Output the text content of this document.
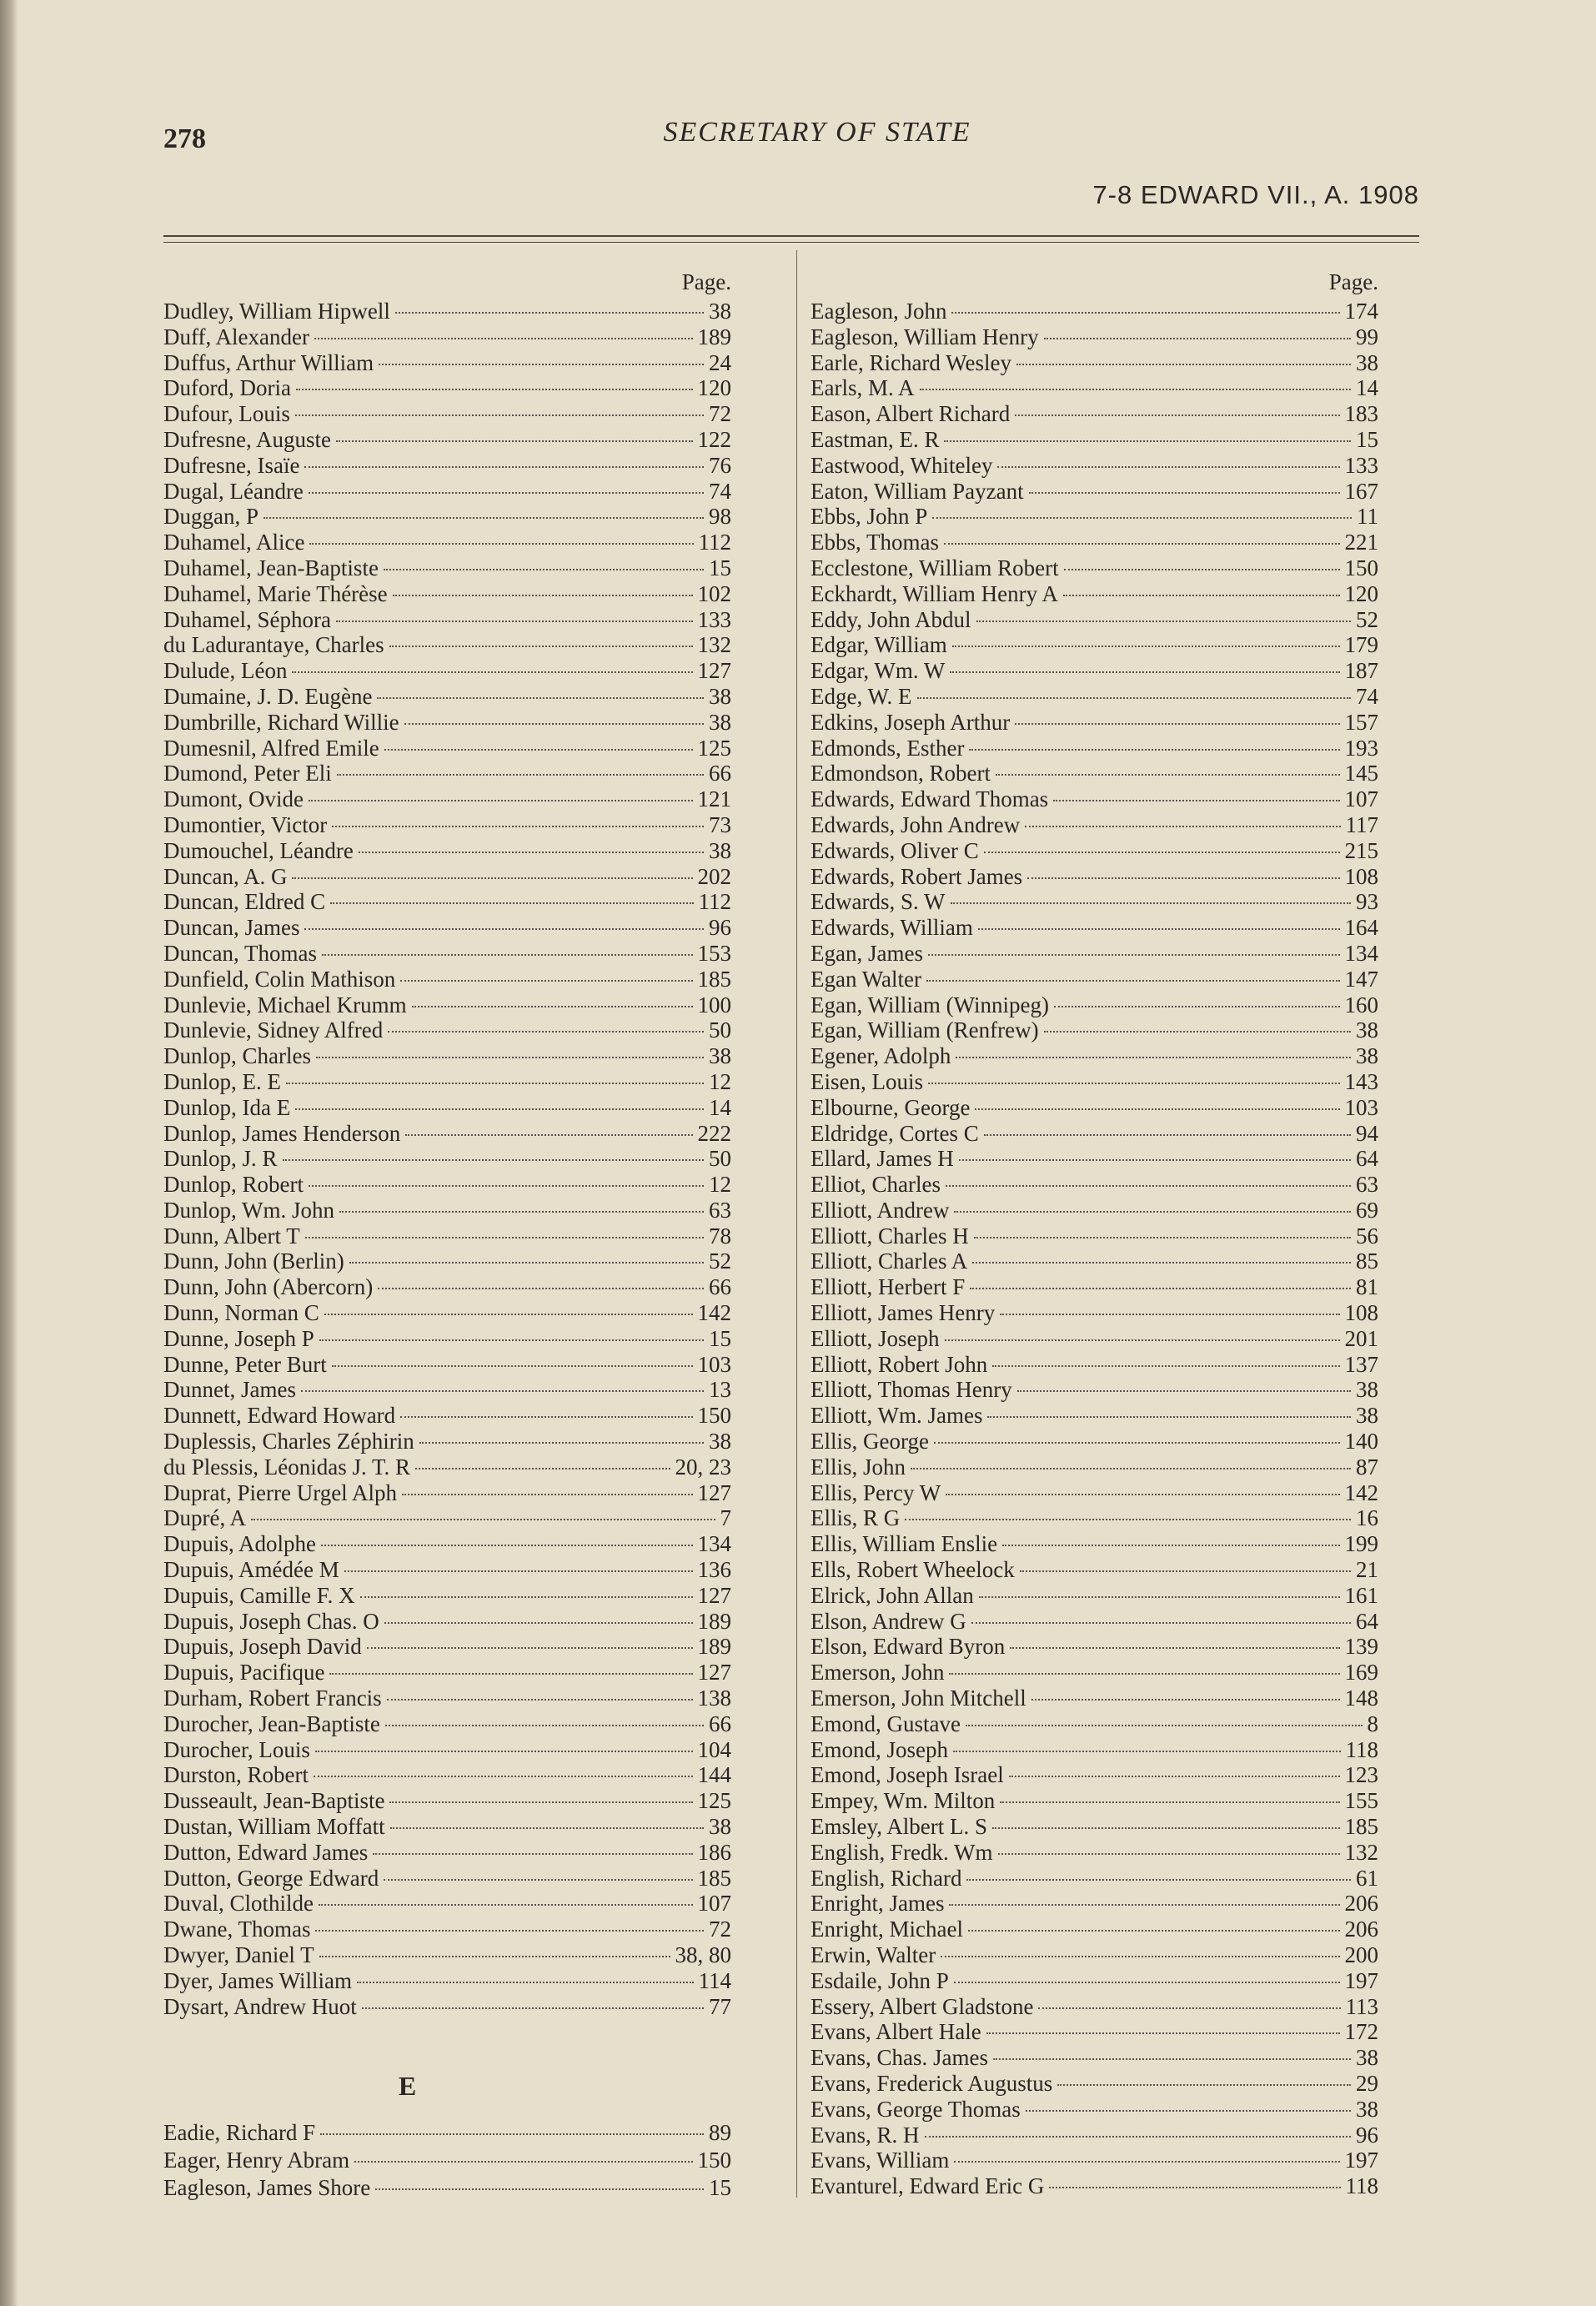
278	SECRETARY OF STATE
7-8 EDWARD VII., A. 1908
Page.
Dudley, William Hipwell	38
Duff, Alexander	189
Duffus, Arthur William	24
Duford, Doria	120
Dufour, Louis	72
Dufresne, Auguste	122
Dufresne, Isaïe	76
Dugal, Léandre	74
Duggan, P	98
Duhamel, Alice	112
Duhamel, Jean-Baptiste	15
Duhamel, Marie Thérèse	102
Duhamel, Séphora	133
du Ladurantaye, Charles	132
Dulude, Léon	127
Dumaine, J. D. Eugène	38
Dumbrille, Richard Willie	38
Dumesnil, Alfred Emile	125
Dumond, Peter Eli	66
Dumont, Ovide	121
Dumontier, Victor	73
Dumouchel, Léandre	38
Duncan, A. G	202
Duncan, Eldred C	112
Duncan, James	96
Duncan, Thomas	153
Dunfield, Colin Mathison	185
Dunlevie, Michael Krumm	100
Dunlevie, Sidney Alfred	50
Dunlop, Charles	38
Dunlop, E. E	12
Dunlop, Ida E	14
Dunlop, James Henderson	222
Dunlop, J. R	50
Dunlop, Robert	12
Dunlop, Wm. John	63
Dunn, Albert T	78
Dunn, John (Berlin)	52
Dunn, John (Abercorn)	66
Dunn, Norman C	142
Dunne, Joseph P	15
Dunne, Peter Burt	103
Dunnet, James	13
Dunnett, Edward Howard	150
Duplessis, Charles Zéphirin	38
du Plessis, Léonidas J. T. R	20, 23
Duprat, Pierre Urgel Alph	127
Dupré, A	7
Dupuis, Adolphe	134
Dupuis, Amédée M	136
Dupuis, Camille F. X	127
Dupuis, Joseph Chas. O	189
Dupuis, Joseph David	189
Dupuis, Pacifique	127
Durham, Robert Francis	138
Durocher, Jean-Baptiste	66
Durocher, Louis	104
Durston, Robert	144
Dusseault, Jean-Baptiste	125
Dustan, William Moffatt	38
Dutton, Edward James	186
Dutton, George Edward	185
Duval, Clothilde	107
Dwane, Thomas	72
Dwyer, Daniel T	38, 80
Dyer, James William	114
Dysart, Andrew Huot	77
E
Eadie, Richard F	89
Eager, Henry Abram	150
Eagleson, James Shore	15
Page.
Eagleson, John	174
Eagleson, William Henry	99
Earle, Richard Wesley	38
Earls, M. A	14
Eason, Albert Richard	183
Eastman, E. R	15
Eastwood, Whiteley	133
Eaton, William Payzant	167
Ebbs, John P	11
Ebbs, Thomas	221
Ecclestone, William Robert	150
Eckhardt, William Henry A	120
Eddy, John Abdul	52
Edgar, William	179
Edgar, Wm. W	187
Edge, W. E	74
Edkins, Joseph Arthur	157
Edmonds, Esther	193
Edmondson, Robert	145
Edwards, Edward Thomas	107
Edwards, John Andrew	117
Edwards, Oliver C	215
Edwards, Robert James	108
Edwards, S. W	93
Edwards, William	164
Egan, James	134
Egan Walter	147
Egan, William (Winnipeg)	160
Egan, William (Renfrew)	38
Egener, Adolph	38
Eisen, Louis	143
Elbourne, George	103
Eldridge, Cortes C	94
Ellard, James H	64
Elliot, Charles	63
Elliott, Andrew	69
Elliott, Charles H	56
Elliott, Charles A	85
Elliott, Herbert F	81
Elliott, James Henry	108
Elliott, Joseph	201
Elliott, Robert John	137
Elliott, Thomas Henry	38
Elliott, Wm. James	38
Ellis, George	140
Ellis, John	87
Ellis, Percy W	142
Ellis, R G	16
Ellis, William Enslie	199
Ells, Robert Wheelock	21
Elrick, John Allan	161
Elson, Andrew G	64
Elson, Edward Byron	139
Emerson, John	169
Emerson, John Mitchell	148
Emond, Gustave	8
Emond, Joseph	118
Emond, Joseph Israel	123
Empey, Wm. Milton	155
Emsley, Albert L. S	185
English, Fredk. Wm	132
English, Richard	61
Enright, James	206
Enright, Michael	206
Erwin, Walter	200
Esdaile, John P	197
Essery, Albert Gladstone	113
Evans, Albert Hale	172
Evans, Chas. James	38
Evans, Frederick Augustus	29
Evans, George Thomas	38
Evans, R. H	96
Evans, William	197
Evanturel, Edward Eric G	118
